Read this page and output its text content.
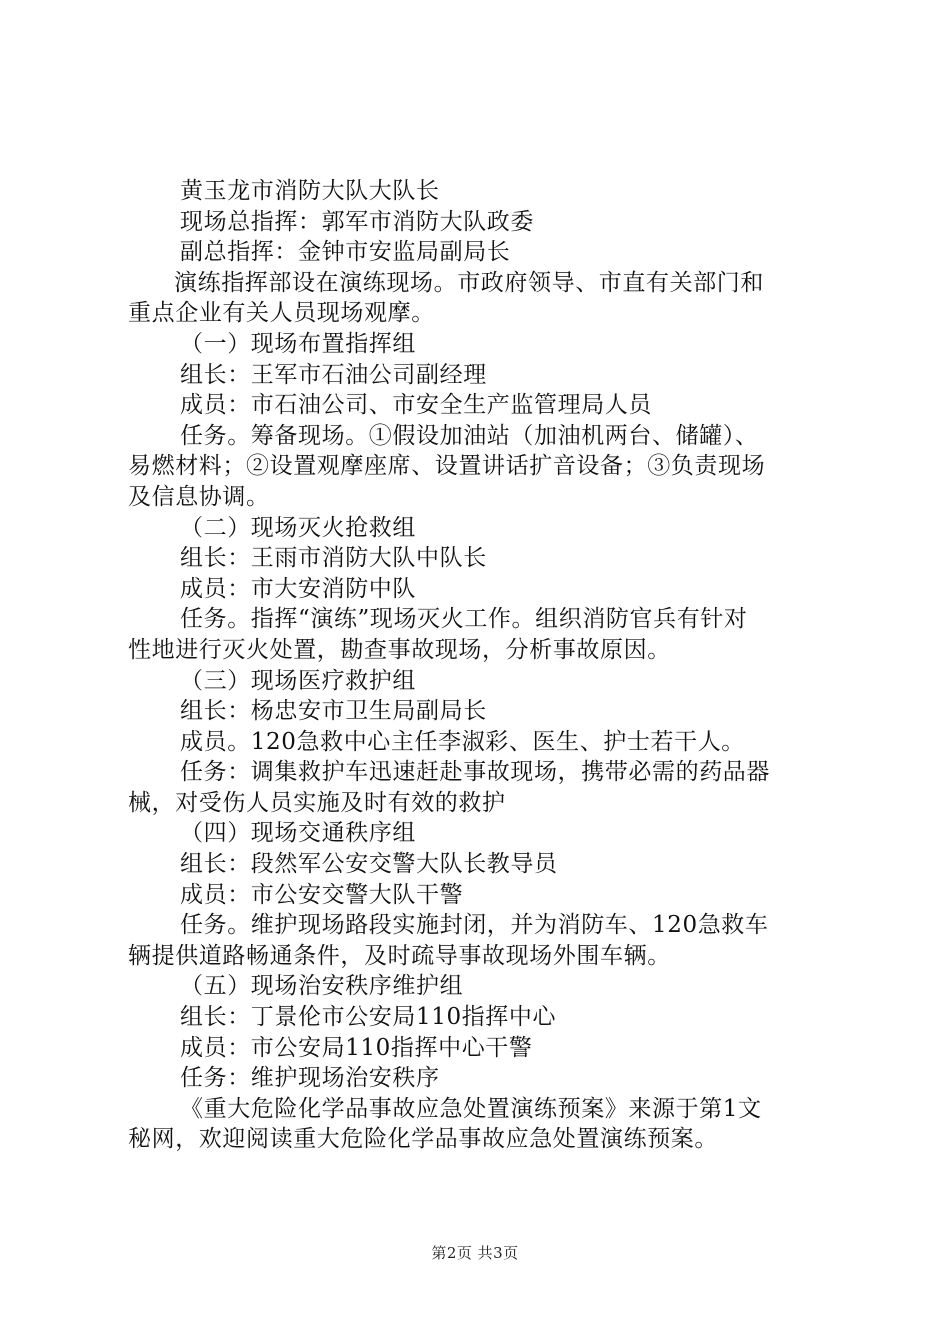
黄玉龙市消防大队大队长
现场总指挥：郭军市消防大队政委
副总指挥：金钟市安监局副局长
演练指挥部设在演练现场。市政府领导、市直有关部门和
重点企业有关人员现场观摩。
（一）现场布置指挥组
组长：王军市石油公司副经理
成员：市石油公司、市安全生产监管理局人员
任务。筹备现场。①假设加油站（加油机两台、储罐）、
易燃材料；②设置观摩座席、设置讲话扩音设备；③负责现场
及信息协调。
（二）现场灭火抢救组
组长：王雨市消防大队中队长
成员：市大安消防中队
任务。指挥“演练”现场灭火工作。组织消防官兵有针对
性地进行灭火处置，勘查事故现场，分析事故原因。
（三）现场医疗救护组
组长：杨忠安市卫生局副局长
成员。120急救中心主任李淑彩、医生、护士若干人。
任务：调集救护车迅速赶赴事故现场，携带必需的药品器
械，对受伤人员实施及时有效的救护
（四）现场交通秩序组
组长：段然军公安交警大队长教导员
成员：市公安交警大队干警
任务。维护现场路段实施封闭，并为消防车、120急救车
辆提供道路畅通条件，及时疏导事故现场外围车辆。
（五）现场治安秩序维护组
组长：丁景伦市公安局110指挥中心
成员：市公安局110指挥中心干警
任务：维护现场治安秩序
《重大危险化学品事故应急处置演练预案》来源于第1文
秘网，欢迎阅读重大危险化学品事故应急处置演练预案。
第2页 共3页
